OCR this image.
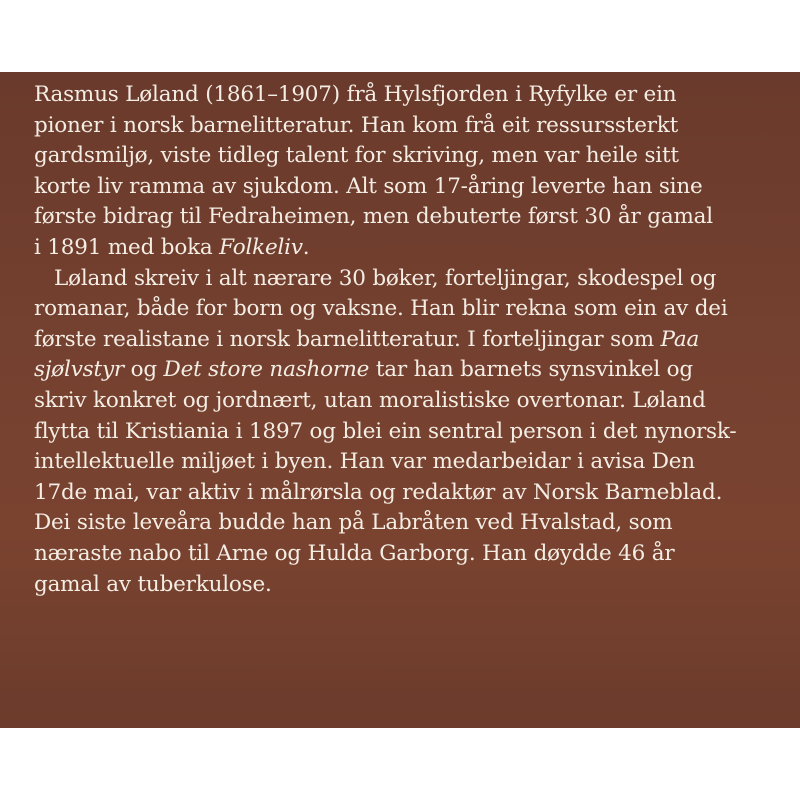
Rasmus Løland (1861–1907) frå Hylsfjorden i Ryfylke er ein
pioner i norsk barnelitteratur. Han kom frå eit ressurssterkt
gardsmiljø, viste tidleg talent for skriving, men var heile sitt
korte liv ramma av sjukdom. Alt som 17-åring leverte han sine
første bidrag til Fedraheimen, men debuterte først 30 år gamal
i 1891 med boka Folkeliv.
Løland skreiv i alt nærare 30 bøker, forteljingar, skodespel og
romanar, både for born og vaksne. Han blir rekna som ein av dei
første realistane i norsk barnelitteratur. I forteljingar som Paa
sjølvstyr og Det store nashorne tar han barnets synsvinkel og
skriv konkret og jordnært, utan moralistiske overtonar. Løland
flytta til Kristiania i 1897 og blei ein sentral person i det nynorsk-
intellektuelle miljøet i byen. Han var medarbeidar i avisa Den
17de mai, var aktiv i målrørsla og redaktør av Norsk Barneblad.
Dei siste leveåra budde han på Labråten ved Hvalstad, som
næraste nabo til Arne og Hulda Garborg. Han døydde 46 år
gamal av tuberkulose.
